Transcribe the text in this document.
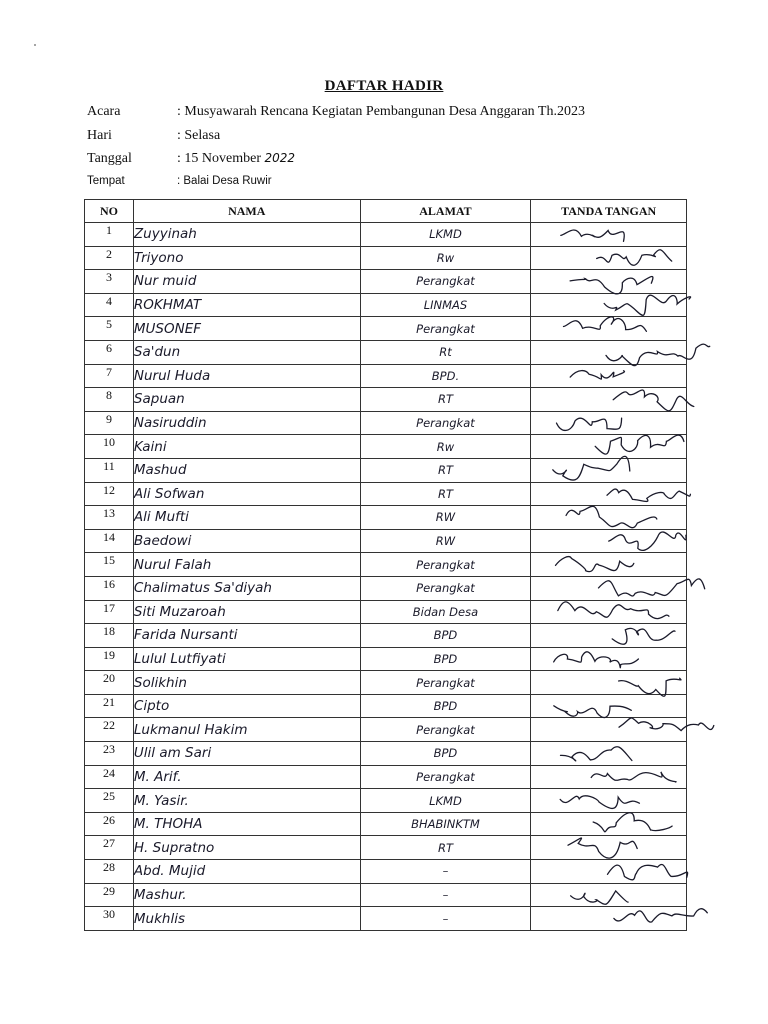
DAFTAR HADIR
Acara	: Musyawarah Rencana Kegiatan Pembangunan Desa Anggaran Th.2023
Hari	: Selasa
Tanggal	: 15 November 2022
Tempat	: Balai Desa Ruwir
NO	NAMA	ALAMAT	TANDA TANGAN
1	Zuyyinah	LKMD	

2	Triyono	Rw	

3	Nur muid	Perangkat	

4	ROKHMAT	LINMAS	

5	MUSONEF	Perangkat	

6	Sa'dun	Rt	

7	Nurul Huda	BPD.	

8	Sapuan	RT	

9	Nasiruddin	Perangkat	

10	Kaini	Rw	

11	Mashud	RT	

12	Ali Sofwan	RT	

13	Ali Mufti	RW	

14	Baedowi	RW	

15	Nurul Falah	Perangkat	

16	Chalimatus Sa'diyah	Perangkat	

17	Siti Muzaroah	Bidan Desa	

18	Farida Nursanti	BPD	

19	Lulul Lutfiyati	BPD	

20	Solikhin	Perangkat	

21	Cipto	BPD	

22	Lukmanul Hakim	Perangkat	

23	Ulil am Sari	BPD	

24	M. Arif.	Perangkat	

25	M. Yasir.	LKMD	

26	M. THOHA	BHABINKTM	

27	H. Supratno	RT	

28	Abd. Mujid	–	

29	Mashur.	–	

30	Mukhlis	–	
